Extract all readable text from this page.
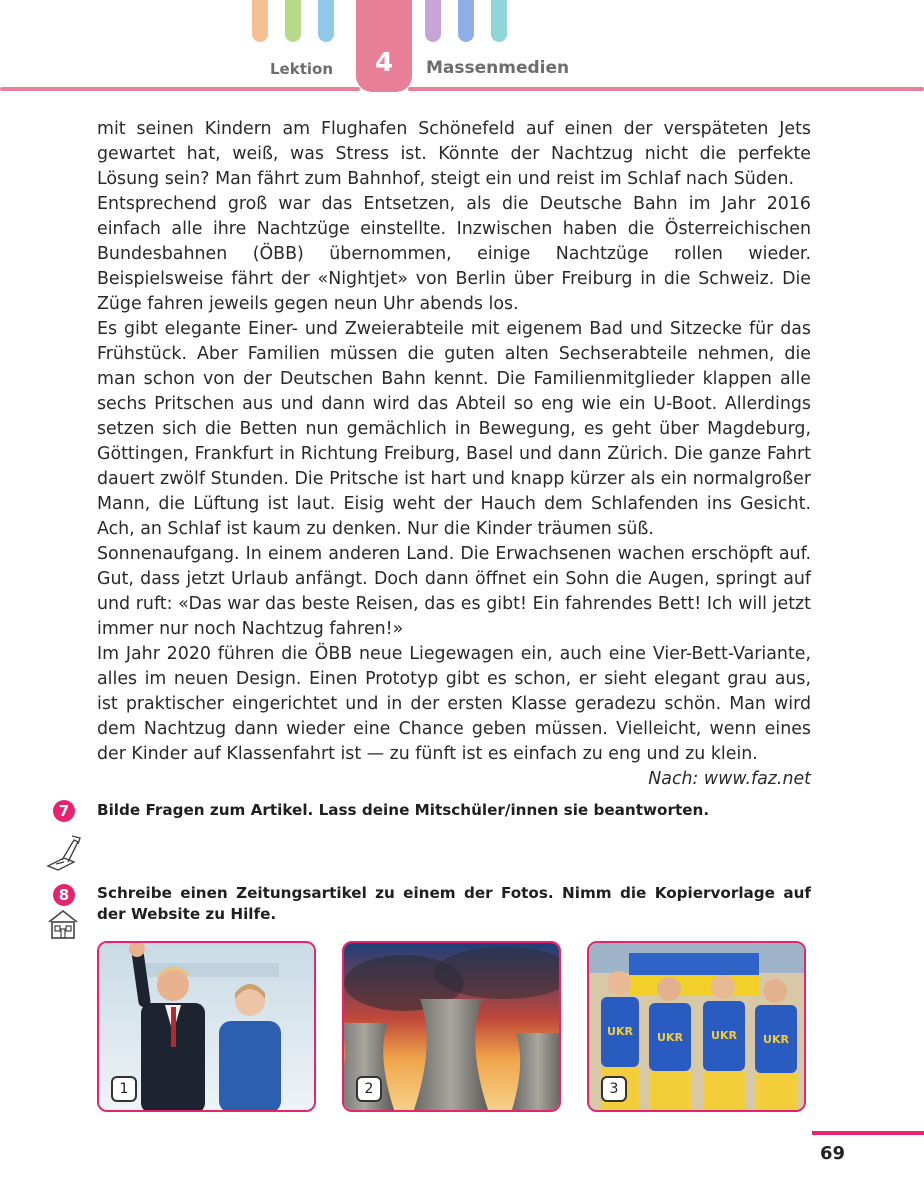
Lektion	4	Massenmedien

mit seinen Kindern am Flughafen Schönefeld auf einen der verspäteten Jets gewartet hat, weiß, was Stress ist. Könnte der Nachtzug nicht die perfekte Lösung sein? Man fährt zum Bahnhof, steigt ein und reist im Schlaf nach Süden.

Entsprechend groß war das Entsetzen, als die Deutsche Bahn im Jahr 2016 einfach alle ihre Nachtzüge einstellte. Inzwischen haben die Österreichischen Bundesbahnen (ÖBB) übernommen, einige Nachtzüge rollen wieder. Beispielsweise fährt der «Nightjet» von Berlin über Freiburg in die Schweiz. Die Züge fahren jeweils gegen neun Uhr abends los.

Es gibt elegante Einer- und Zweierabteile mit eigenem Bad und Sitzecke für das Frühstück. Aber Familien müssen die guten alten Sechserabteile nehmen, die man schon von der Deutschen Bahn kennt. Die Familienmitglieder klappen alle sechs Pritschen aus und dann wird das Abteil so eng wie ein U-Boot. Allerdings setzen sich die Betten nun gemächlich in Bewegung, es geht über Magdeburg, Göttingen, Frankfurt in Richtung Freiburg, Basel und dann Zürich. Die ganze Fahrt dauert zwölf Stunden. Die Pritsche ist hart und knapp kürzer als ein normalgroßer Mann, die Lüftung ist laut. Eisig weht der Hauch dem Schlafenden ins Gesicht. Ach, an Schlaf ist kaum zu denken. Nur die Kinder träumen süß.

Sonnenaufgang. In einem anderen Land. Die Erwachsenen wachen erschöpft auf. Gut, dass jetzt Urlaub anfängt. Doch dann öffnet ein Sohn die Augen, springt auf und ruft: «Das war das beste Reisen, das es gibt! Ein fahrendes Bett! Ich will jetzt immer nur noch Nachtzug fahren!»

Im Jahr 2020 führen die ÖBB neue Liegewagen ein, auch eine Vier-Bett-Variante, alles im neuen Design. Einen Prototyp gibt es schon, er sieht elegant grau aus, ist praktischer eingerichtet und in der ersten Klasse geradezu schön. Man wird dem Nachtzug dann wieder eine Chance geben müssen. Vielleicht, wenn eines der Kinder auf Klassenfahrt ist — zu fünft ist es einfach zu eng und zu klein.

Nach: www.faz.net

7	Bilde Fragen zum Artikel. Lass deine Mitschüler/innen sie beantworten.
8	Schreibe einen Zeitungsartikel zu einem der Fotos. Nimm die Kopiervorlage auf der Website zu Hilfe.
1	2
UKR UKR	UKR UKR
3
69
